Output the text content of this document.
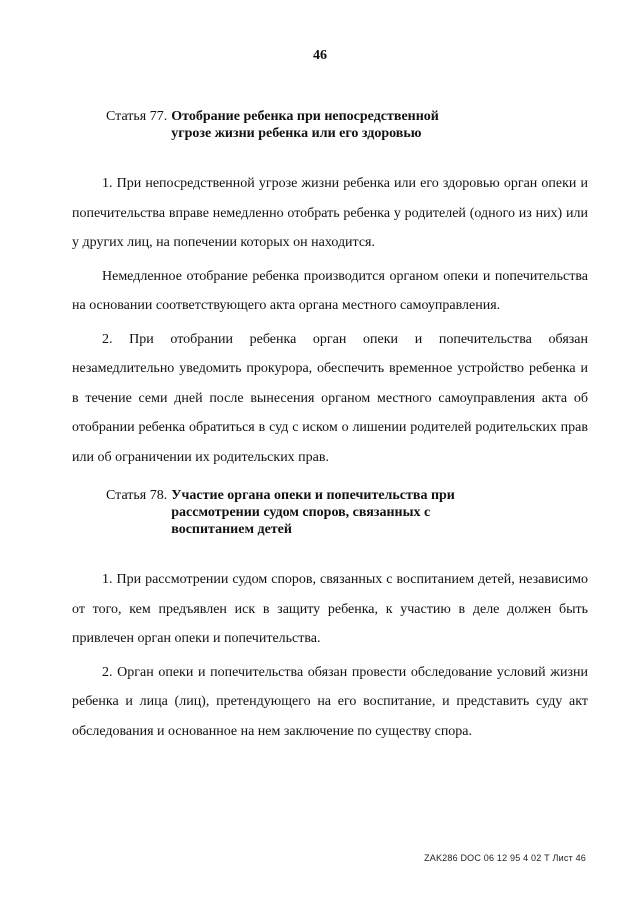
46
Статья 77. Отобрание ребенка при непосредственной
угрозе жизни ребенка или его здоровью

1. При непосредственной угрозе жизни ребенка или его здоровью орган опеки и попечительства вправе немедленно отобрать ребенка у родителей (одного из них) или у других лиц, на попечении которых он находится.

Немедленное отобрание ребенка производится органом опеки и попечительства на основании соответствующего акта органа местного самоуправления.

2. При отобрании ребенка орган опеки и попечительства обязан незамедлительно уведомить прокурора, обеспечить временное устройство ребенка и в течение семи дней после вынесения органом местного самоуправления акта об отобрании ребенка обратиться в суд с иском о лишении родителей родительских прав или об ограничении их родительских прав.

Статья 78. Участие органа опеки и попечительства при
рассмотрении судом споров, связанных с
воспитанием детей

1. При рассмотрении судом споров, связанных с воспитанием детей, независимо от того, кем предъявлен иск в защиту ребенка, к участию в деле должен быть привлечен орган опеки и попечительства.

2. Орган опеки и попечительства обязан провести обследование условий жизни ребенка и лица (лиц), претендующего на его воспитание, и представить суду акт обследования и основанное на нем заключение по существу спора.

ZAK286 DOC 06 12 95 4 02 Т Лист 46
